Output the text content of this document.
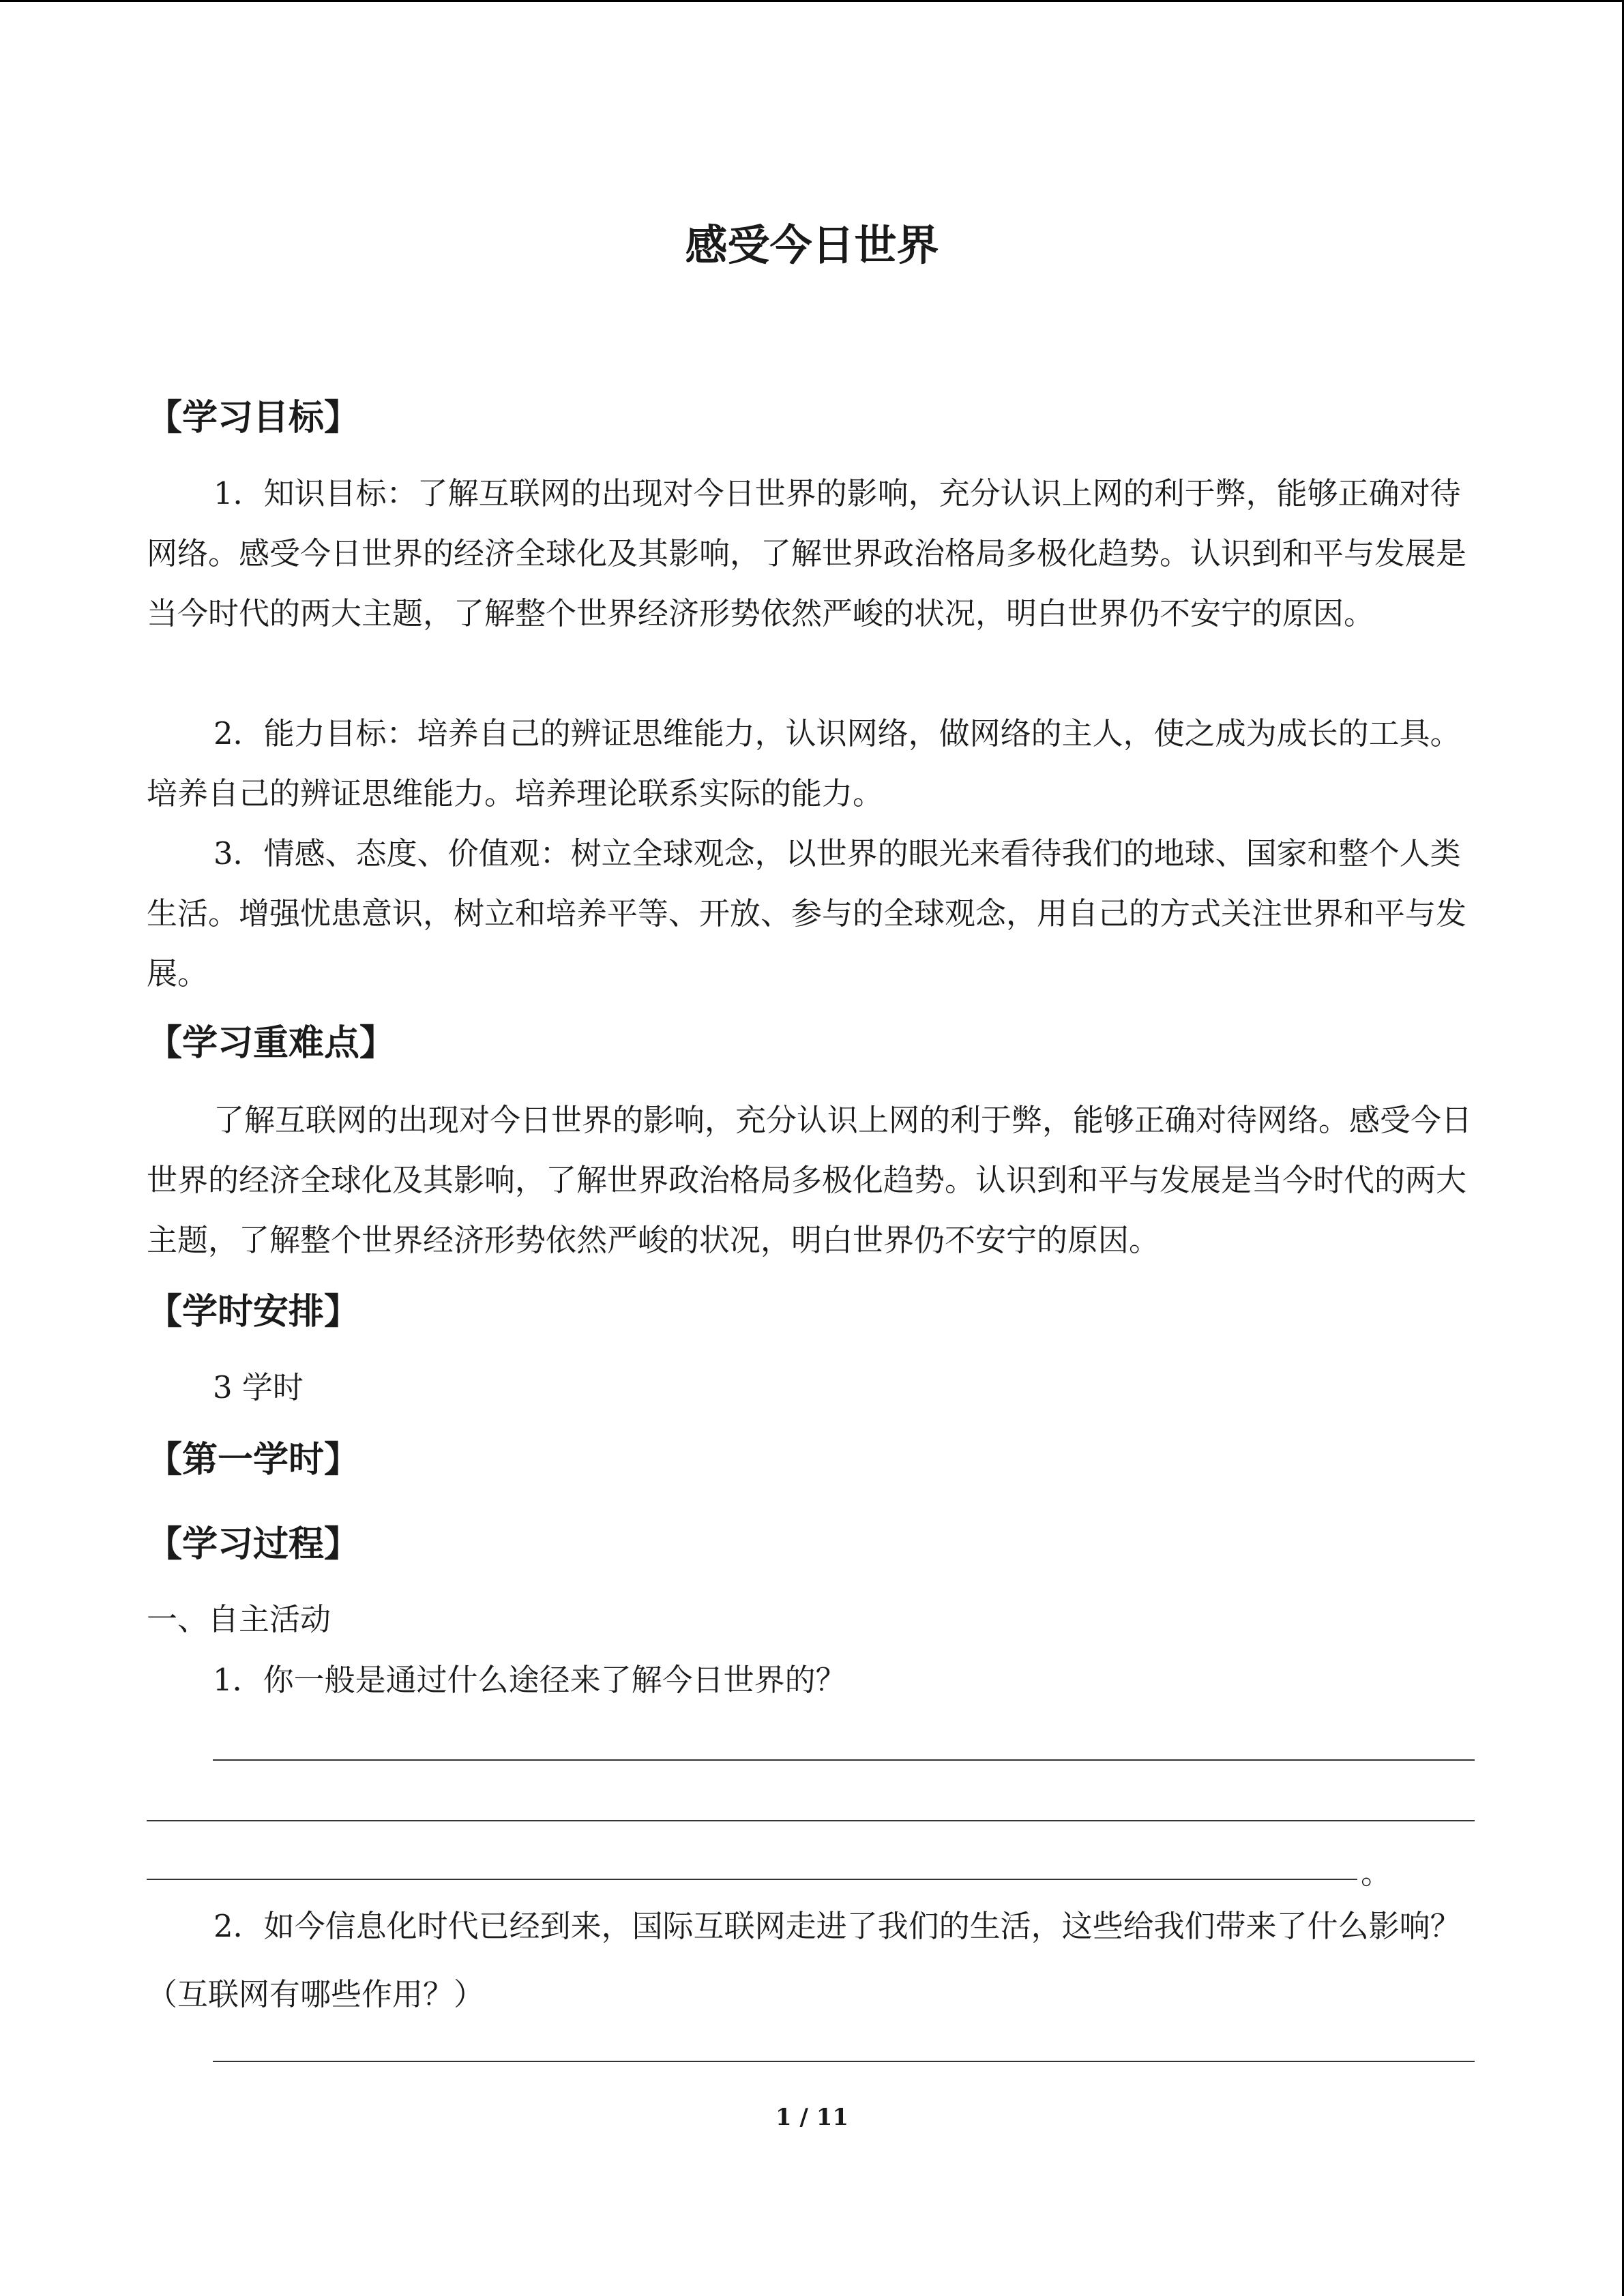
感受今日世界
【学习目标】
1．知识目标：了解互联网的出现对今日世界的影响，充分认识上网的利于弊，能够正确对待网络。感受今日世界的经济全球化及其影响，了解世界政治格局多极化趋势。认识到和平与发展是当今时代的两大主题，了解整个世界经济形势依然严峻的状况，明白世界仍不安宁的原因。
2．能力目标：培养自己的辨证思维能力，认识网络，做网络的主人，使之成为成长的工具。培养自己的辨证思维能力。培养理论联系实际的能力。
3．情感、态度、价值观：树立全球观念，以世界的眼光来看待我们的地球、国家和整个人类生活。增强忧患意识，树立和培养平等、开放、参与的全球观念，用自己的方式关注世界和平与发展。
【学习重难点】
了解互联网的出现对今日世界的影响，充分认识上网的利于弊，能够正确对待网络。感受今日世界的经济全球化及其影响，了解世界政治格局多极化趋势。认识到和平与发展是当今时代的两大主题，了解整个世界经济形势依然严峻的状况，明白世界仍不安宁的原因。
【学时安排】
3 学时
【第一学时】
【学习过程】
一、自主活动
1．你一般是通过什么途径来了解今日世界的？
。
2．如今信息化时代已经到来，国际互联网走进了我们的生活，这些给我们带来了什么影响？（互联网有哪些作用？）
1 / 11
